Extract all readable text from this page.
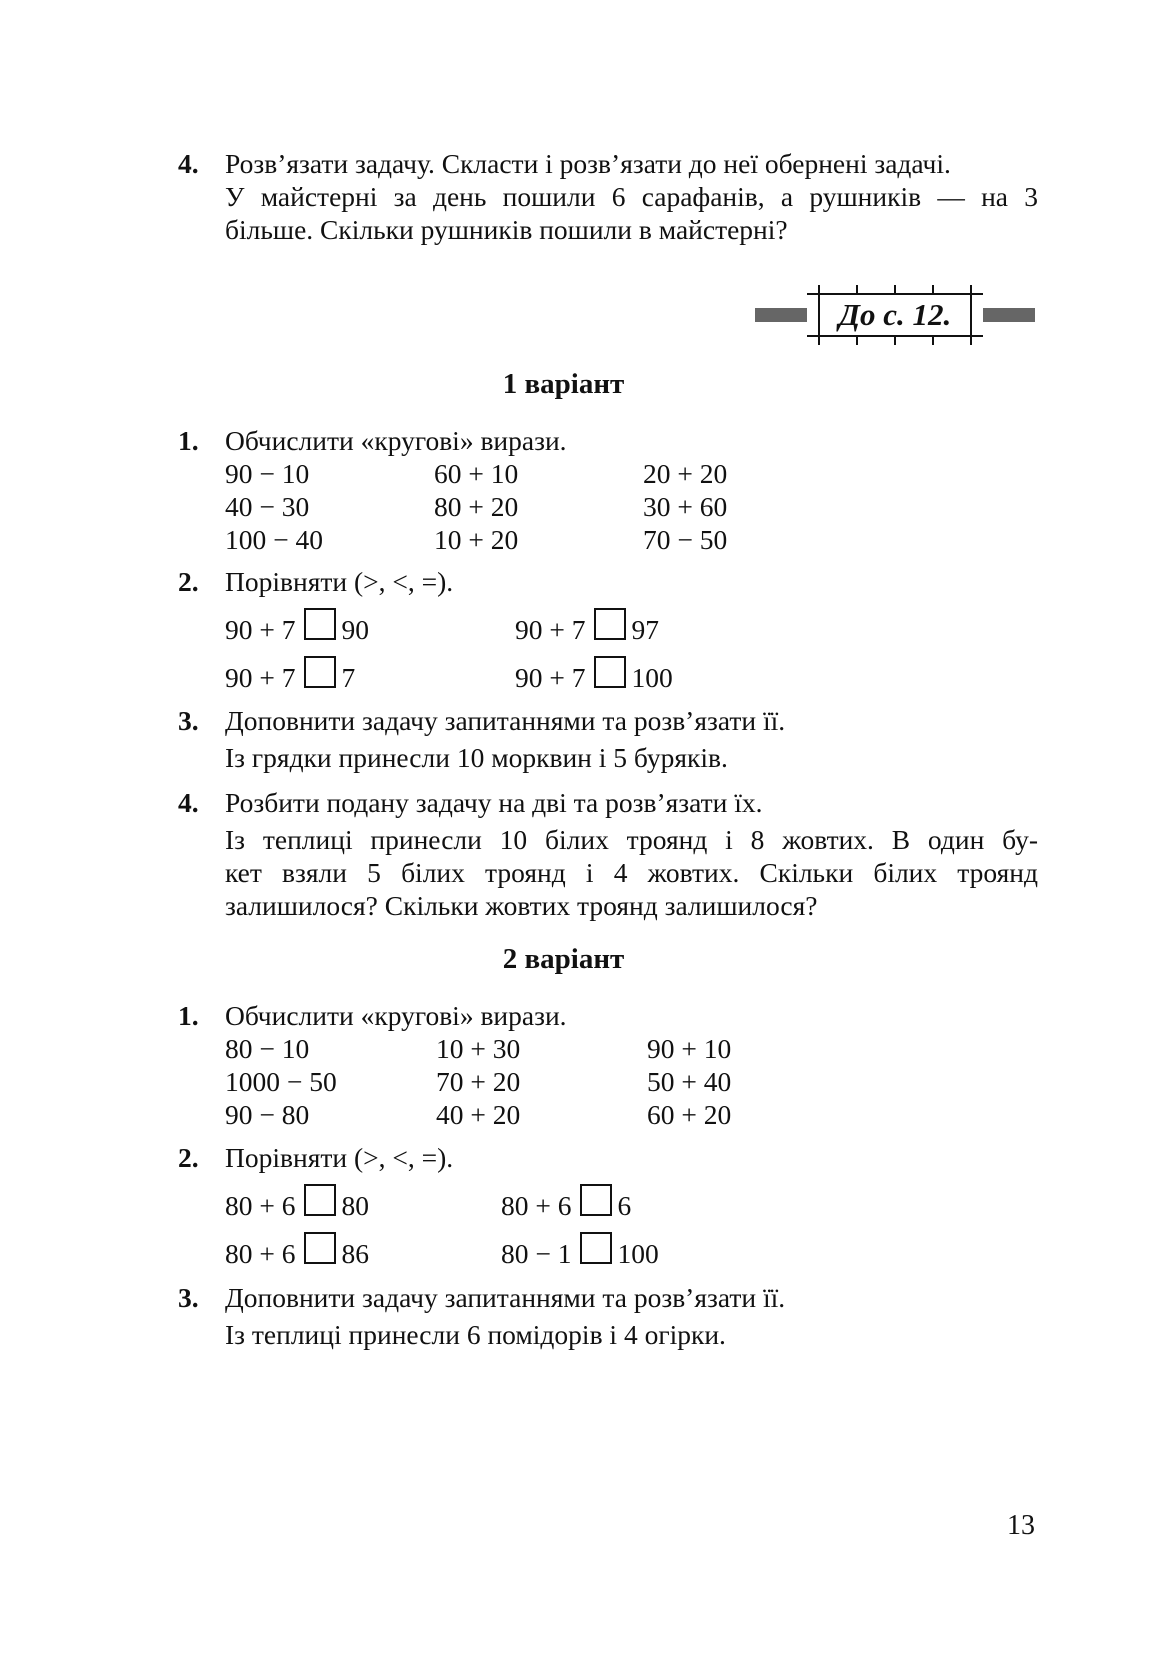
4. Розв’язати задачу. Скласти і розв’язати до неї обернені задачі.
У майстерні за день пошили 6 сарафанів, а рушників — на 3
більше. Скільки рушників пошили в майстерні?
До с. 12.
1 варіант
1. Обчислити «кругові» вирази.
90 − 10	60 + 10	20 + 20
40 − 30	80 + 20	30 + 60
100 − 40	10 + 20	70 − 50
2. Порівняти (>, <, =).
90 + 7 90	90 + 7 97
90 + 7 7	90 + 7 100
3. Доповнити задачу запитаннями та розв’язати її.
Із грядки принесли 10 морквин і 5 буряків.
4. Розбити подану задачу на дві та розв’язати їх.
Із теплиці принесли 10 білих троянд і 8 жовтих. В один бу-
кет взяли 5 білих троянд і 4 жовтих. Скільки білих троянд
залишилося? Скільки жовтих троянд залишилося?
2 варіант
1. Обчислити «кругові» вирази.
80 − 10	10 + 30	90 + 10
1000 − 50	70 + 20	50 + 40
90 − 80	40 + 20	60 + 20
2. Порівняти (>, <, =).
80 + 6 80	80 + 6 6
80 + 6 86	80 − 1 100
3. Доповнити задачу запитаннями та розв’язати її.
Із теплиці принесли 6 помідорів і 4 огірки.
13
